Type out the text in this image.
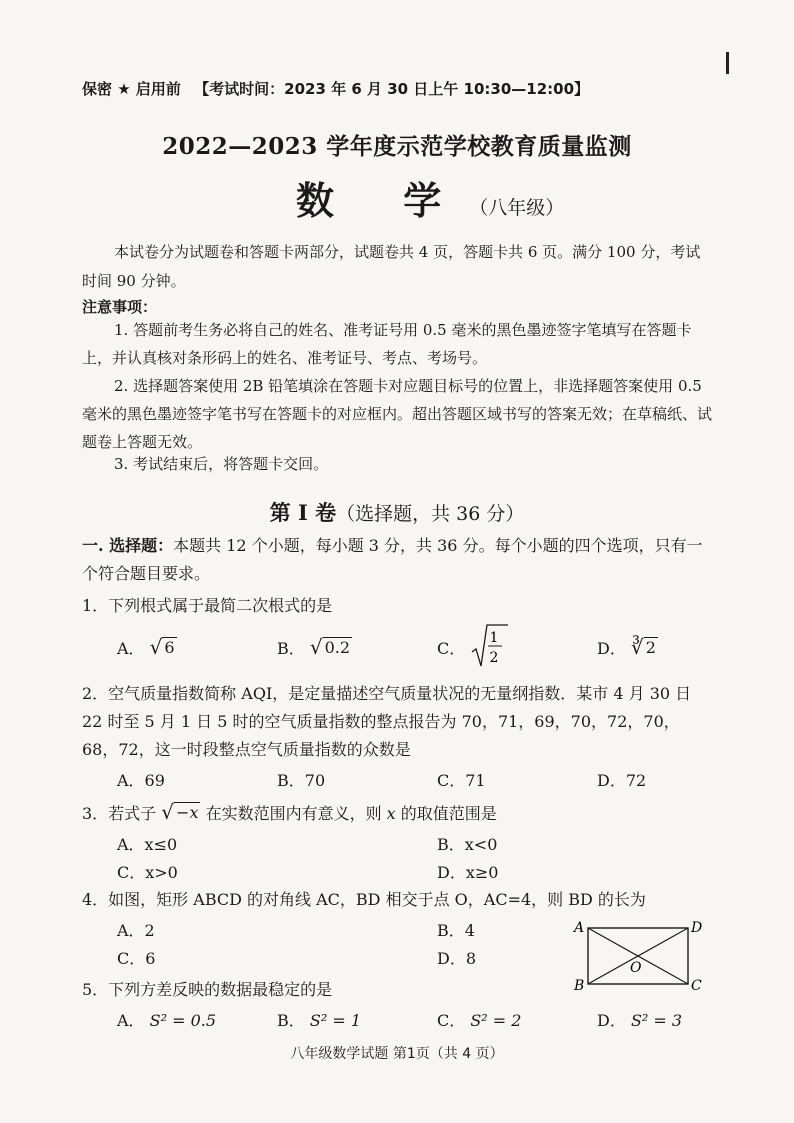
保密 ★ 启用前 【考试时间：2023 年 6 月 30 日上午 10:30—12:00】
2022—2023 学年度示范学校教育质量监测
数 学（八年级）
本试卷分为试题卷和答题卡两部分，试题卷共 4 页，答题卡共 6 页。满分 100 分，考试时间 90 分钟。
注意事项：
1. 答题前考生务必将自己的姓名、准考证号用 0.5 毫米的黑色墨迹签字笔填写在答题卡上，并认真核对条形码上的姓名、准考证号、考点、考场号。
2. 选择题答案使用 2B 铅笔填涂在答题卡对应题目标号的位置上，非选择题答案使用 0.5 毫米的黑色墨迹签字笔书写在答题卡的对应框内。超出答题区域书写的答案无效；在草稿纸、试题卷上答题无效。
3. 考试结束后，将答题卡交回。
第 I 卷（选择题，共 36 分）
一. 选择题：本题共 12 个小题，每小题 3 分，共 36 分。每个小题的四个选项，只有一个符合题目要求。
1．下列根式属于最简二次根式的是
A． √ 6	B． √ 0.2	C．
1
2	D． ∛ 2
2．空气质量指数简称 AQI，是定量描述空气质量状况的无量纲指数．某市 4 月 30 日 22 时至 5 月 1 日 5 时的空气质量指数的整点报告为 70，71，69，70，72，70，68，72，这一时段整点空气质量指数的众数是
A．69	B．70	C．71	D．72
3．若式子 √ −x 在实数范围内有意义，则 x 的取值范围是
A．x≤0	B．x<0
C．x>0	D．x≥0
4．如图，矩形 ABCD 的对角线 AC，BD 相交于点 O，AC=4，则 BD 的长为
A．2	B．4
C．6	D．8
A	D
O
B	C
5．下列方差反映的数据最稳定的是
A． S² = 0.5	B． S² = 1	C． S² = 2	D． S² = 3
八年级数学试题 第1页（共 4 页）
